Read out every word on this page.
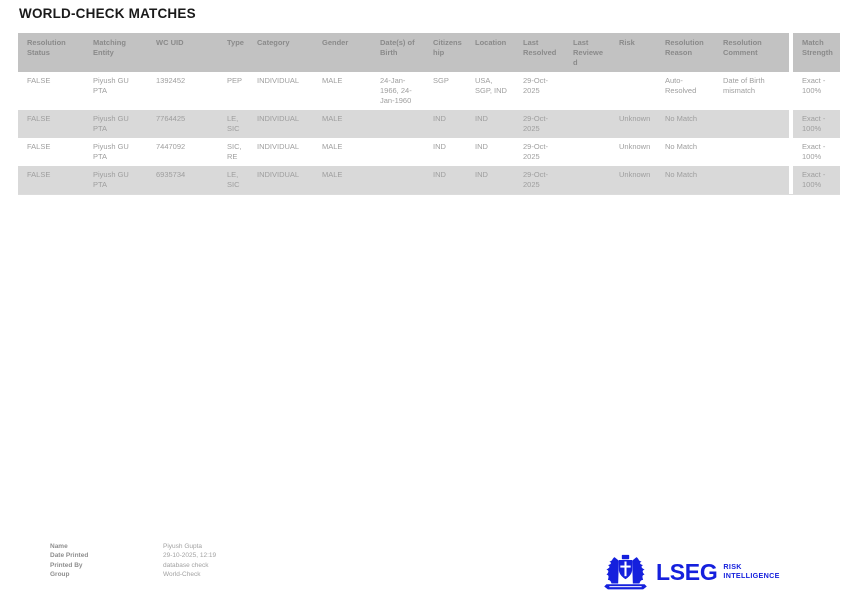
WORLD-CHECK MATCHES
Resolution Status	Matching Entity	WC UID	Type	Category	Gender	Date(s) of Birth	Citizenship	Location	Last Resolved	Last Reviewed	Risk	Resolution Reason	Resolution Comment		Match Strength
FALSE	Piyush GU PTA	1392452	PEP	INDIVIDUAL	MALE	24-Jan-1966, 24-Jan-1960	SGP	USA, SGP, IND	29-Oct-2025			Auto-Resolved	Date of Birth mismatch		Exact - 100%
FALSE	Piyush GU PTA	7764425	LE, SIC	INDIVIDUAL	MALE		IND	IND	29-Oct-2025		Unknown	No Match			Exact - 100%
FALSE	Piyush GU PTA	7447092	SIC, RE	INDIVIDUAL	MALE		IND	IND	29-Oct-2025		Unknown	No Match			Exact - 100%
FALSE	Piyush GU PTA	6935734	LE, SIC	INDIVIDUAL	MALE		IND	IND	29-Oct-2025		Unknown	No Match			Exact - 100%
Name	Piyush Gupta
Date Printed	29-10-2025, 12:19
Printed By	database check
Group	World-Check	LSEG RISK
INTELLIGENCE
